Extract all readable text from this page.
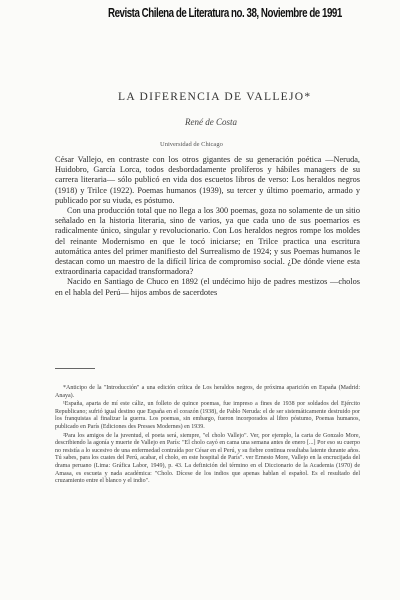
Revista Chilena de Literatura no. 38, Noviembre de 1991
LA DIFERENCIA DE VALLEJO*
René de Costa
Universidad de Chicago

César Vallejo, en contraste con los otros gigantes de su generación poética —Neruda, Huidobro, García Lorca, todos desbordadamente prolíferos y hábiles managers de su carrera literaria— sólo publicó en vida dos escuetos libros de verso: Los heraldos negros (1918) y Trilce (1922). Poemas humanos (1939), su tercer y último poemario, armado y publicado por su viuda, es póstumo.

Con una producción total que no llega a los 300 poemas, goza no solamente de un sitio señalado en la historia literaria, sino de varios, ya que cada uno de sus poemarios es radicalmente único, singular y revolucionario. Con Los heraldos negros rompe los moldes del reinante Modernismo en que le tocó iniciarse; en Trilce practica una escritura automática antes del primer manifiesto del Surrealismo de 1924; y sus Poemas humanos le destacan como un maestro de la difícil lírica de compromiso social. ¿De dónde viene esta extraordinaria capacidad transformadora?

Nacido en Santiago de Chuco en 1892 (el undécimo hijo de padres mestizos —cholos en el habla del Perú— hijos ambos de sacerdotes

*Anticipo de la "Introducción" a una edición crítica de Los heraldos negros, de próxima aparición en España (Madrid: Anaya).

¹España, aparta de mí este cáliz, un folleto de quince poemas, fue impreso a fines de 1938 por soldados del Ejército Republicano; sufrió igual destino que España en el corazón (1938), de Pablo Neruda: el de ser sistemáticamente destruido por los franquistas al finalizar la guerra. Los poemas, sin embargo, fueron incorporados al libro póstumo, Poemas humanos, publicado en París (Ediciones des Presses Modernes) en 1939.

²Para los amigos de la juventud, el poeta será, siempre, "el cholo Vallejo". Ver, por ejemplo, la carta de Gonzalo More, describiendo la agonía y muerte de Vallejo en París: "El cholo cayó en cama una semana antes de enero [...] Por eso su cuerpo no resistía a lo sucesivo de una enfermedad contraída por César en el Perú, y su fiebre continua resultaba latente durante años. Tú sabes, para los cuates del Perú, acabar, el cholo, en este hospital de París". ver Ernesto More, Vallejo en la encrucijada del drama peruano (Lima: Gráfica Labor, 1949), p. 43. La definición del término en el Diccionario de la Academia (1970) de Amasa, es escueta y nada académica: "Cholo. Dícese de los indios que apenas hablan el español. Es el resultado del cruzamiento entre el blanco y el indio".
